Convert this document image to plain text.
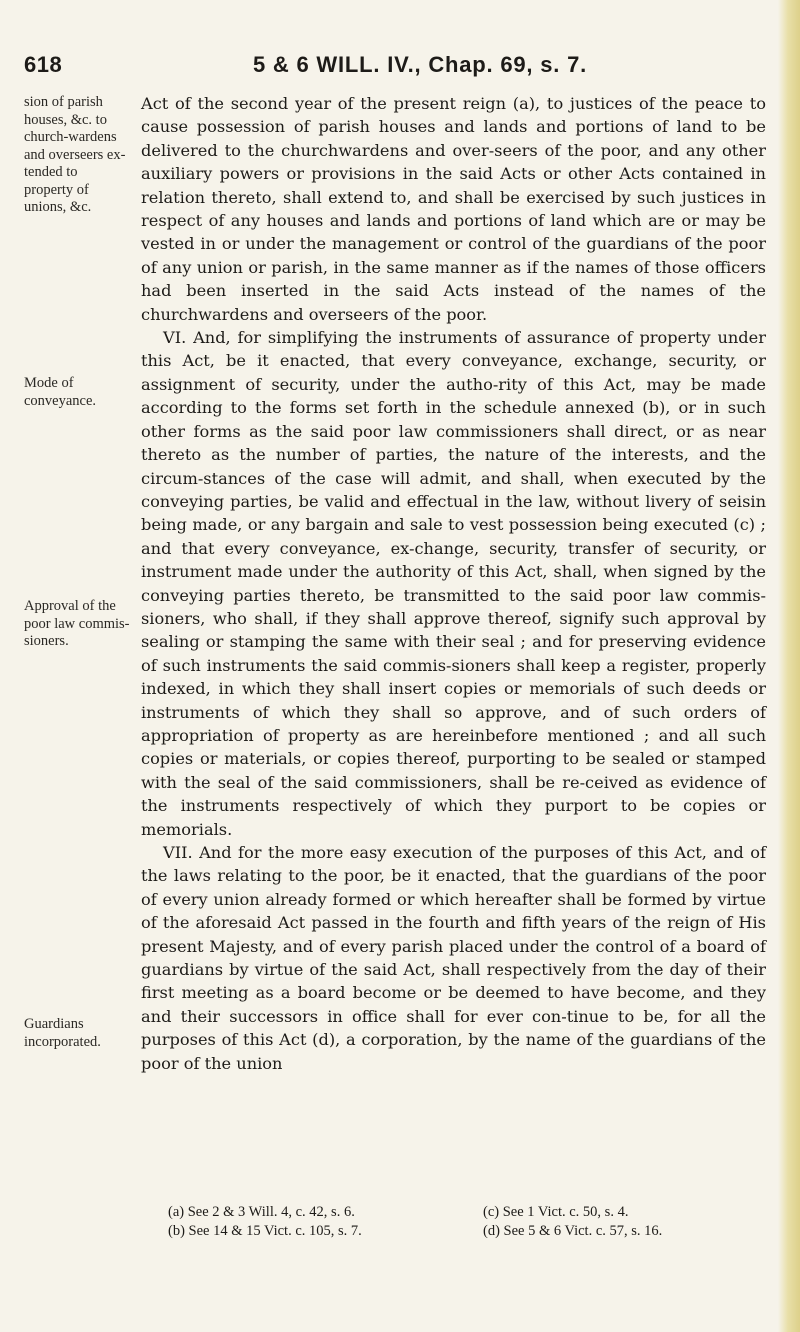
618	5 & 6 WILL. IV., Chap. 69, s. 7.
sion of parish houses, &c. to church-wardens and overseers ex-tended to property of unions, &c.
Mode of conveyance.
Approval of the poor law commis-sioners.
Guardians incorporated.

Act of the second year of the present reign (a), to justices of the peace to cause possession of parish houses and lands and portions of land to be delivered to the churchwardens and over-seers of the poor, and any other auxiliary powers or provisions in the said Acts or other Acts contained in relation thereto, shall extend to, and shall be exercised by such justices in respect of any houses and lands and portions of land which are or may be vested in or under the management or control of the guardians of the poor of any union or parish, in the same manner as if the names of those officers had been inserted in the said Acts instead of the names of the churchwardens and overseers of the poor.

VI. And, for simplifying the instruments of assurance of property under this Act, be it enacted, that every conveyance, exchange, security, or assignment of security, under the autho-rity of this Act, may be made according to the forms set forth in the schedule annexed (b), or in such other forms as the said poor law commissioners shall direct, or as near thereto as the number of parties, the nature of the interests, and the circum-stances of the case will admit, and shall, when executed by the conveying parties, be valid and effectual in the law, without livery of seisin being made, or any bargain and sale to vest possession being executed (c) ; and that every conveyance, ex-change, security, transfer of security, or instrument made under the authority of this Act, shall, when signed by the conveying parties thereto, be transmitted to the said poor law commis-sioners, who shall, if they shall approve thereof, signify such approval by sealing or stamping the same with their seal ; and for preserving evidence of such instruments the said commis-sioners shall keep a register, properly indexed, in which they shall insert copies or memorials of such deeds or instruments of which they shall so approve, and of such orders of appropriation of property as are hereinbefore mentioned ; and all such copies or materials, or copies thereof, purporting to be sealed or stamped with the seal of the said commissioners, shall be re-ceived as evidence of the instruments respectively of which they purport to be copies or memorials.

VII. And for the more easy execution of the purposes of this Act, and of the laws relating to the poor, be it enacted, that the guardians of the poor of every union already formed or which hereafter shall be formed by virtue of the aforesaid Act passed in the fourth and fifth years of the reign of His present Majesty, and of every parish placed under the control of a board of guardians by virtue of the said Act, shall respectively from the day of their first meeting as a board become or be deemed to have become, and they and their successors in office shall for ever con-tinue to be, for all the purposes of this Act (d), a corporation, by the name of the guardians of the poor of the union

(a) See 2 & 3 Will. 4, c. 42, s. 6.	(c) See 1 Vict. c. 50, s. 4.
(b) See 14 & 15 Vict. c. 105, s. 7.	(d) See 5 & 6 Vict. c. 57, s. 16.
